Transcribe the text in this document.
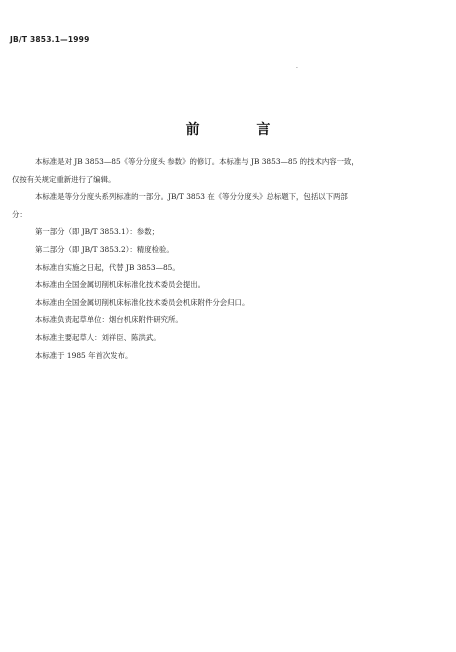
JB/T 3853.1—1999
·
前 言

本标准是对 JB 3853—85《等分分度头 参数》的修订。本标准与 JB 3853—85 的技术内容一致，

仅按有关规定重新进行了编辑。

本标准是等分分度头系列标准的一部分。JB/T 3853 在《等分分度头》总标题下，包括以下两部

分：

第一部分（即 JB/T 3853.1）：参数；

第二部分（即 JB/T 3853.2）：精度检验。

本标准自实施之日起，代替 JB 3853—85。

本标准由全国金属切削机床标准化技术委员会提出。

本标准由全国金属切削机床标准化技术委员会机床附件分会归口。

本标准负责起草单位：烟台机床附件研究所。

本标准主要起草人：刘祥臣、陈洪武。

本标准于 1985 年首次发布。
